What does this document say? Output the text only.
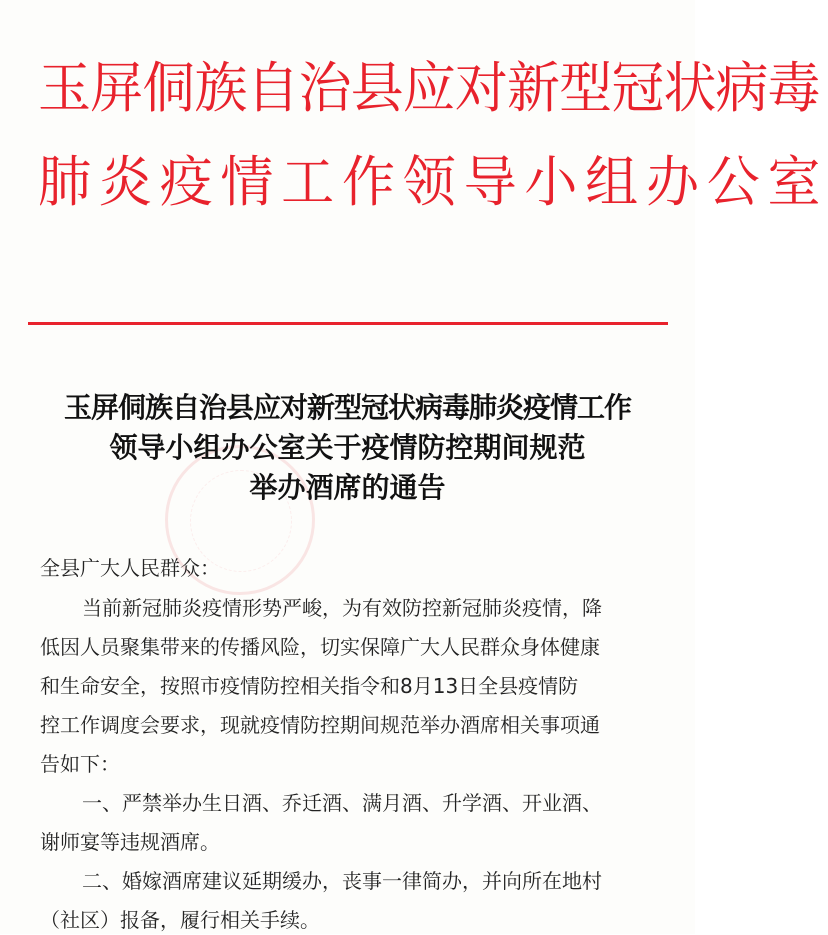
玉屏侗族自治县应对新型冠状病毒
肺炎疫情工作领导小组办公室
玉屏侗族自治县应对新型冠状病毒肺炎疫情工作
领导小组办公室关于疫情防控期间规范
举办酒席的通告
全县广大人民群众：
当前新冠肺炎疫情形势严峻，为有效防控新冠肺炎疫情，降
低因人员聚集带来的传播风险，切实保障广大人民群众身体健康
和生命安全，按照市疫情防控相关指令和8月13日全县疫情防
控工作调度会要求，现就疫情防控期间规范举办酒席相关事项通
告如下：
一、严禁举办生日酒、乔迁酒、满月酒、升学酒、开业酒、
谢师宴等违规酒席。
二、婚嫁酒席建议延期缓办，丧事一律简办，并向所在地村
（社区）报备，履行相关手续。
